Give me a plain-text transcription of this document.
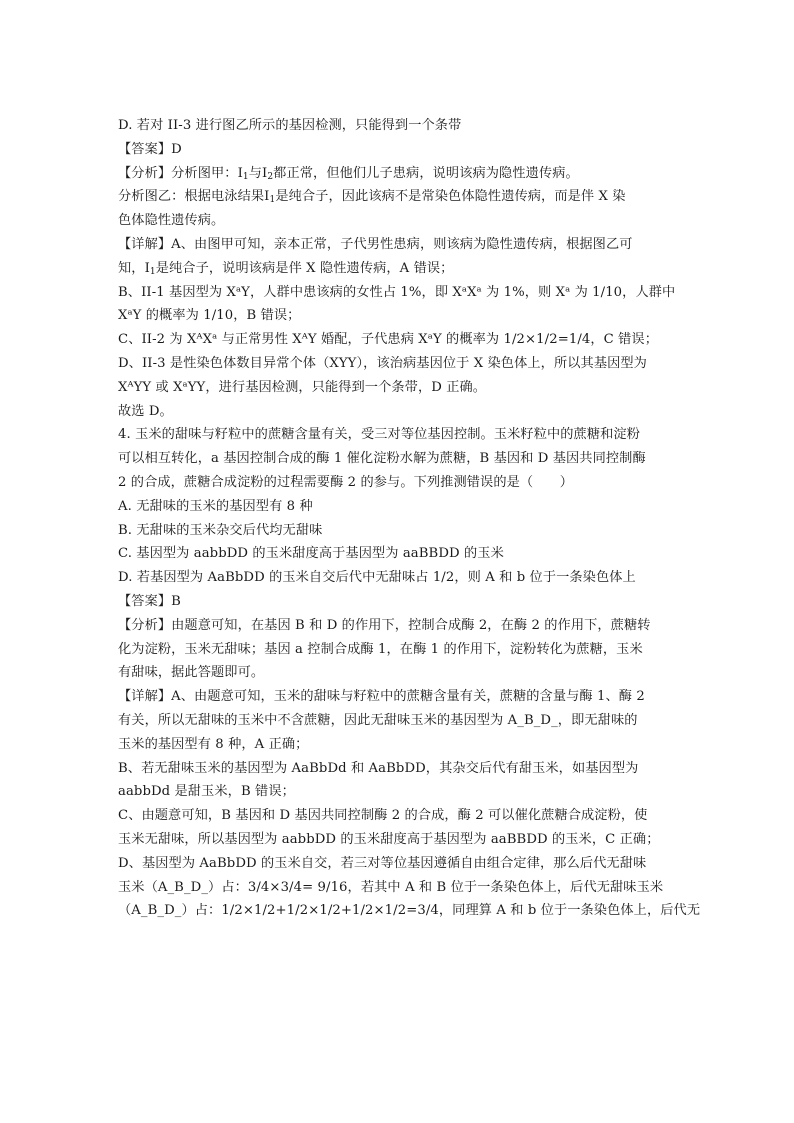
D. 若对 II-3 进行图乙所示的基因检测，只能得到一个条带
【答案】D
【分析】分析图甲：$Ⅰ_1$与$Ⅰ_2$都正常，但他们儿子患病，说明该病为隐性遗传病。
分析图乙：根据电泳结果$Ⅰ_1$是纯合子，因此该病不是常染色体隐性遗传病，而是伴 X 染
色体隐性遗传病。
【详解】A、由图甲可知，亲本正常，子代男性患病，则该病为隐性遗传病，根据图乙可
知，$Ⅰ_1$是纯合子，说明该病是伴 X 隐性遗传病，A 错误；
B、II-1 基因型为 XᵃY，人群中患该病的女性占 1%，即 XᵃXᵃ 为 1%，则 Xᵃ 为 1/10，人群中
XᵃY 的概率为 1/10，B 错误；
C、II-2 为 XᴬXᵃ 与正常男性 XᴬY 婚配，子代患病 XᵃY 的概率为 1/2×1/2=1/4，C 错误；
D、II-3 是性染色体数目异常个体（XYY），该治病基因位于 X 染色体上，所以其基因型为
XᴬYY 或 XᵃYY，进行基因检测，只能得到一个条带，D 正确。
故选 D。
4. 玉米的甜味与籽粒中的蔗糖含量有关，受三对等位基因控制。玉米籽粒中的蔗糖和淀粉
可以相互转化，a 基因控制合成的酶 1 催化淀粉水解为蔗糖，B 基因和 D 基因共同控制酶
2 的合成，蔗糖合成淀粉的过程需要酶 2 的参与。下列推测错误的是（　　）
A. 无甜味的玉米的基因型有 8 种
B. 无甜味的玉米杂交后代均无甜味
C. 基因型为 aabbDD 的玉米甜度高于基因型为 aaBBDD 的玉米
D. 若基因型为 AaBbDD 的玉米自交后代中无甜味占 1/2，则 A 和 b 位于一条染色体上
【答案】B
【分析】由题意可知，在基因 B 和 D 的作用下，控制合成酶 2，在酶 2 的作用下，蔗糖转
化为淀粉，玉米无甜味；基因 a 控制合成酶 1，在酶 1 的作用下，淀粉转化为蔗糖，玉米
有甜味，据此答题即可。
【详解】A、由题意可知，玉米的甜味与籽粒中的蔗糖含量有关，蔗糖的含量与酶 1、酶 2
有关，所以无甜味的玉米中不含蔗糖，因此无甜味玉米的基因型为 A_B_D_，即无甜味的
玉米的基因型有 8 种，A 正确；
B、若无甜味玉米的基因型为 AaBbDd 和 AaBbDD，其杂交后代有甜玉米，如基因型为
aabbDd 是甜玉米，B 错误；
C、由题意可知，B 基因和 D 基因共同控制酶 2 的合成，酶 2 可以催化蔗糖合成淀粉，使
玉米无甜味，所以基因型为 aabbDD 的玉米甜度高于基因型为 aaBBDD 的玉米，C 正确；
D、基因型为 AaBbDD 的玉米自交，若三对等位基因遵循自由组合定律，那么后代无甜味
玉米（A_B_D_）占：3/4×3/4= 9/16，若其中 A 和 B 位于一条染色体上，后代无甜味玉米
（A_B_D_）占：1/2×1/2+1/2×1/2+1/2×1/2=3/4，同理算 A 和 b 位于一条染色体上，后代无
